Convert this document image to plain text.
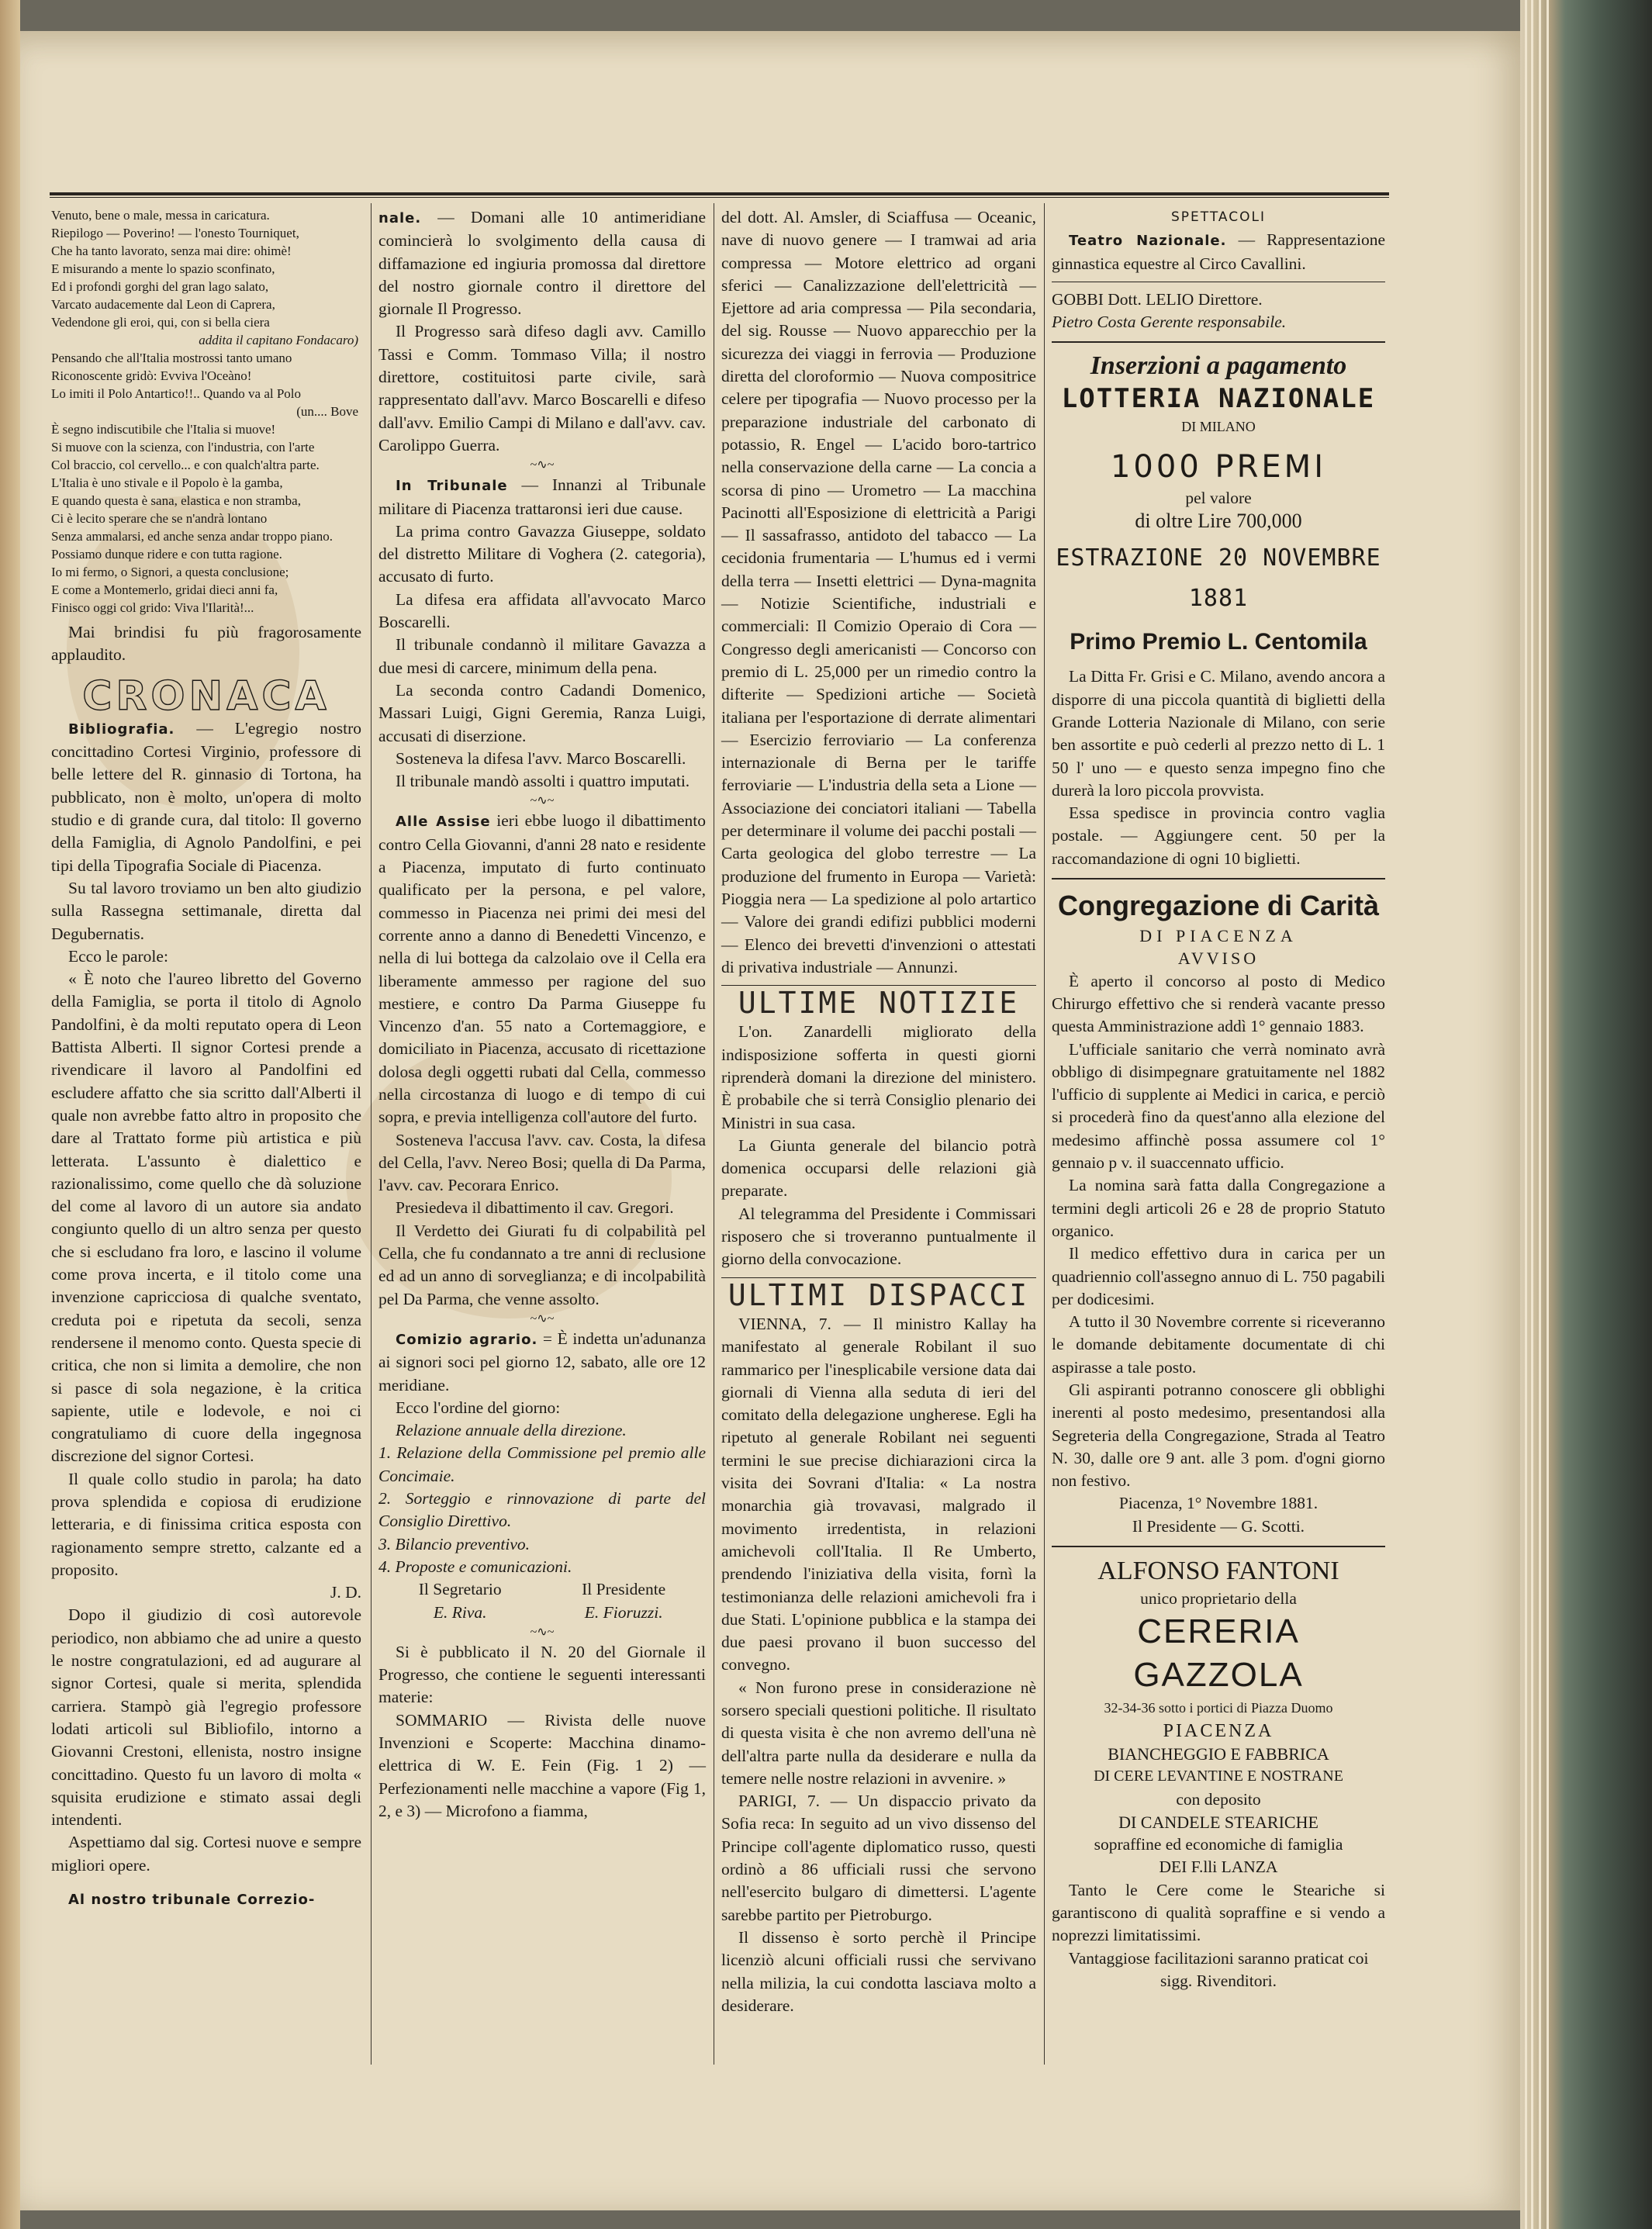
Venuto, bene o male, messa in caricatura.
Riepilogo — Poverino! — l'onesto Tourniquet,
Che ha tanto lavorato, senza mai dire: ohimè!
E misurando a mente lo spazio sconfinato,
Ed i profondi gorghi del gran lago salato,
Varcato audacemente dal Leon di Caprera,
Vedendone gli eroi, qui, con si bella ciera
addita il capitano Fondacaro)
Pensando che all'Italia mostrossi tanto umano
Riconoscente gridò: Evviva l'Oceàno!
Lo imiti il Polo Antartico!!.. Quando va al Polo
(un.... Bove
È segno indiscutibile che l'Italia si muove!
Si muove con la scienza, con l'industria, con l'arte
Col braccio, col cervello... e con qualch'altra parte.
L'Italia è uno stivale e il Popolo è la gamba,
E quando questa è sana, elastica e non stramba,
Ci è lecito sperare che se n'andrà lontano
Senza ammalarsi, ed anche senza andar troppo piano.
Possiamo dunque ridere e con tutta ragione.
Io mi fermo, o Signori, a questa conclusione;
E come a Montemerlo, gridai dieci anni fa,
Finisco oggi col grido: Viva l'Ilarità!...

Mai brindisi fu più fragorosamente applaudito.

CRONACA

Bibliografia. — L'egregio nostro concittadino Cortesi Virginio, professore di belle lettere del R. ginnasio di Tortona, ha pubblicato, non è molto, un'opera di molto studio e di grande cura, dal titolo: Il governo della Famiglia, di Agnolo Pandolfini, e pei tipi della Tipografia Sociale di Piacenza.

Su tal lavoro troviamo un ben alto giudizio sulla Rassegna settimanale, diretta dal Degubernatis.

Ecco le parole:

« È noto che l'aureo libretto del Governo della Famiglia, se porta il titolo di Agnolo Pandolfini, è da molti reputato opera di Leon Battista Alberti. Il signor Cortesi prende a rivendicare il lavoro al Pandolfini ed escludere affatto che sia scritto dall'Alberti il quale non avrebbe fatto altro in proposito che dare al Trattato forme più artistica e più letterata. L'assunto è dialettico e razionalissimo, come quello che dà soluzione del come al lavoro di un autore sia andato congiunto quello di un altro senza per questo che si escludano fra loro, e lascino il volume come prova incerta, e il titolo come una invenzione capricciosa di qualche sventato, creduta poi e ripetuta da secoli, senza rendersene il menomo conto. Questa specie di critica, che non si limita a demolire, che non si pasce di sola negazione, è la critica sapiente, utile e lodevole, e noi ci congratuliamo di cuore della ingegnosa discrezione del signor Cortesi.

Il quale collo studio in parola; ha dato prova splendida e copiosa di erudizione letteraria, e di finissima critica esposta con ragionamento sempre stretto, calzante ed a proposito.

J. D.

Dopo il giudizio di così autorevole periodico, non abbiamo che ad unire a questo le nostre congratulazioni, ed ad augurare al signor Cortesi, quale si merita, splendida carriera. Stampò già l'egregio professore lodati articoli sul Bibliofilo, intorno a Giovanni Crestoni, ellenista, nostro insigne concittadino. Questo fu un lavoro di molta « squisita erudizione e stimato assai degli intendenti.

Aspettiamo dal sig. Cortesi nuove e sempre migliori opere.

Al nostro tribunale Correzio-

nale. — Domani alle 10 antimeridiane comincierà lo svolgimento della causa di diffamazione ed ingiuria promossa dal direttore del nostro giornale contro il direttore del giornale Il Progresso.

Il Progresso sarà difeso dagli avv. Camillo Tassi e Comm. Tommaso Villa; il nostro direttore, costituitosi parte civile, sarà rappresentato dall'avv. Marco Boscarelli e difeso dall'avv. Emilio Campi di Milano e dall'avv. cav. Carolippo Guerra.

~∿~

In Tribunale — Innanzi al Tribunale militare di Piacenza trattaronsi ieri due cause.

La prima contro Gavazza Giuseppe, soldato del distretto Militare di Voghera (2. categoria), accusato di furto.

La difesa era affidata all'avvocato Marco Boscarelli.

Il tribunale condannò il militare Gavazza a due mesi di carcere, minimum della pena.

La seconda contro Cadandi Domenico, Massari Luigi, Gigni Geremia, Ranza Luigi, accusati di diserzione.

Sosteneva la difesa l'avv. Marco Boscarelli.

Il tribunale mandò assolti i quattro imputati.

~∿~

Alle Assise ieri ebbe luogo il dibattimento contro Cella Giovanni, d'anni 28 nato e residente a Piacenza, imputato di furto continuato qualificato per la persona, e pel valore, commesso in Piacenza nei primi dei mesi del corrente anno a danno di Benedetti Vincenzo, e nella di lui bottega da calzolaio ove il Cella era liberamente ammesso per ragione del suo mestiere, e contro Da Parma Giuseppe fu Vincenzo d'an. 55 nato a Cortemaggiore, e domiciliato in Piacenza, accusato di ricettazione dolosa degli oggetti rubati dal Cella, commesso nella circostanza di luogo e di tempo di cui sopra, e previa intelligenza coll'autore del furto.

Sosteneva l'accusa l'avv. cav. Costa, la difesa del Cella, l'avv. Nereo Bosi; quella di Da Parma, l'avv. cav. Pecorara Enrico.

Presiedeva il dibattimento il cav. Gregori.

Il Verdetto dei Giurati fu di colpabilità pel Cella, che fu condannato a tre anni di reclusione ed ad un anno di sorveglianza; e di incolpabilità pel Da Parma, che venne assolto.

~∿~

Comizio agrario. = È indetta un'adunanza ai signori soci pel giorno 12, sabato, alle ore 12 meridiane.

Ecco l'ordine del giorno:

Relazione annuale della direzione.

1. Relazione della Commissione pel premio alle Concimaie.

2. Sorteggio e rinnovazione di parte del Consiglio Direttivo.

3. Bilancio preventivo.

4. Proposte e comunicazioni.

Il Segretario
E. Riva.
Il Presidente
E. Fioruzzi.
~∿~

Si è pubblicato il N. 20 del Giornale il Progresso, che contiene le seguenti interessanti materie:

SOMMARIO — Rivista delle nuove Invenzioni e Scoperte: Macchina dinamo-elettrica di W. E. Fein (Fig. 1 2) — Perfezionamenti nelle macchine a vapore (Fig 1, 2, e 3) — Microfono a fiamma,

del dott. Al. Amsler, di Sciaffusa — Oceanic, nave di nuovo genere — I tramwai ad aria compressa — Motore elettrico ad organi sferici — Canalizzazione dell'elettricità — Ejettore ad aria compressa — Pila secondaria, del sig. Rousse — Nuovo apparecchio per la sicurezza dei viaggi in ferrovia — Produzione diretta del cloroformio — Nuova compositrice celere per tipografia — Nuovo processo per la preparazione industriale del carbonato di potassio, R. Engel — L'acido boro-tartrico nella conservazione della carne — La concia a scorsa di pino — Urometro — La macchina Pacinotti all'Esposizione di elettricità a Parigi — Il sassafrasso, antidoto del tabacco — La cecidonia frumentaria — L'humus ed i vermi della terra — Insetti elettrici — Dyna-magnita — Notizie Scientifiche, industriali e commerciali: Il Comizio Operaio di Cora — Congresso degli americanisti — Concorso con premio di L. 25,000 per un rimedio contro la difterite — Spedizioni artiche — Società italiana per l'esportazione di derrate alimentari — Esercizio ferroviario — La conferenza internazionale di Berna per le tariffe ferroviarie — L'industria della seta a Lione — Associazione dei conciatori italiani — Tabella per determinare il volume dei pacchi postali — Carta geologica del globo terrestre — La produzione del frumento in Europa — Varietà: Pioggia nera — La spedizione al polo artartico — Valore dei grandi edifizi pubblici moderni — Elenco dei brevetti d'invenzioni o attestati di privativa industriale — Annunzi.

ULTIME NOTIZIE

L'on. Zanardelli migliorato della indisposizione sofferta in questi giorni riprenderà domani la direzione del ministero. È probabile che si terrà Consiglio plenario dei Ministri in sua casa.

La Giunta generale del bilancio potrà domenica occuparsi delle relazioni già preparate.

Al telegramma del Presidente i Commissari risposero che si troveranno puntualmente il giorno della convocazione.

ULTIMI DISPACCI

VIENNA, 7. — Il ministro Kallay ha manifestato al generale Robilant il suo rammarico per l'inesplicabile versione data dai giornali di Vienna alla seduta di ieri del comitato della delegazione ungherese. Egli ha ripetuto al generale Robilant nei seguenti termini le sue precise dichiarazioni circa la visita dei Sovrani d'Italia: « La nostra monarchia già trovavasi, malgrado il movimento irredentista, in relazioni amichevoli coll'Italia. Il Re Umberto, prendendo l'iniziativa della visita, fornì la testimonianza delle relazioni amichevoli fra i due Stati. L'opinione pubblica e la stampa dei due paesi provano il buon successo del convegno.

« Non furono prese in considerazione nè sorsero speciali questioni politiche. Il risultato di questa visita è che non avremo dell'una nè dell'altra parte nulla da desiderare e nulla da temere nelle nostre relazioni in avvenire. »

PARIGI, 7. — Un dispaccio privato da Sofia reca: In seguito ad un vivo dissenso del Principe coll'agente diplomatico russo, questi ordinò a 86 ufficiali russi che servono nell'esercito bulgaro di dimettersi. L'agente sarebbe partito per Pietroburgo.

Il dissenso è sorto perchè il Principe licenziò alcuni officiali russi che servivano nella milizia, la cui condotta lasciava molto a desiderare.

SPETTACOLI

Teatro Nazionale. — Rappresentazione ginnastica equestre al Circo Cavallini.

GOBBI Dott. LELIO Direttore.

Pietro Costa Gerente responsabile.

Inserzioni a pagamento
LOTTERIA NAZIONALE
DI MILANO
1000 PREMI
pel valore
di oltre Lire 700,000
ESTRAZIONE 20 NOVEMBRE 1881
Primo Premio L. Centomila

La Ditta Fr. Grisi e C. Milano, avendo ancora a disporre di una piccola quantità di biglietti della Grande Lotteria Nazionale di Milano, con serie ben assortite e può cederli al prezzo netto di L. 1 50 l' uno — e questo senza impegno fino che durerà la loro piccola provvista.

Essa spedisce in provincia contro vaglia postale. — Aggiungere cent. 50 per la raccomandazione di ogni 10 biglietti.

Congregazione di Carità
DI PIACENZA
AVVISO

È aperto il concorso al posto di Medico Chirurgo effettivo che si renderà vacante presso questa Amministrazione addì 1° gennaio 1883.

L'ufficiale sanitario che verrà nominato avrà obbligo di disimpegnare gratuitamente nel 1882 l'ufficio di supplente ai Medici in carica, e perciò si procederà fino da quest'anno alla elezione del medesimo affinchè possa assumere col 1° gennaio p v. il suaccennato ufficio.

La nomina sarà fatta dalla Congregazione a termini degli articoli 26 e 28 de proprio Statuto organico.

Il medico effettivo dura in carica per un quadriennio coll'assegno annuo di L. 750 pagabili per dodicesimi.

A tutto il 30 Novembre corrente si riceveranno le domande debitamente documentate di chi aspirasse a tale posto.

Gli aspiranti potranno conoscere gli obblighi inerenti al posto medesimo, presentandosi alla Segreteria della Congregazione, Strada al Teatro N. 30, dalle ore 9 ant. alle 3 pom. d'ogni giorno non festivo.

Piacenza, 1° Novembre 1881.

Il Presidente — G. Scotti.

ALFONSO FANTONI
unico proprietario della
CERERIA GAZZOLA
32-34-36 sotto i portici di Piazza Duomo
PIACENZA
BIANCHEGGIO E FABBRICA
DI CERE LEVANTINE E NOSTRANE
con deposito
DI CANDELE STEARICHE
sopraffine ed economiche di famiglia
DEI F.lli LANZA

Tanto le Cere come le Steariche si garantiscono di qualità sopraffine e si vendo a noprezzi limitatissimi.

Vantaggiose facilitazioni saranno praticat coi sigg. Rivenditori.
